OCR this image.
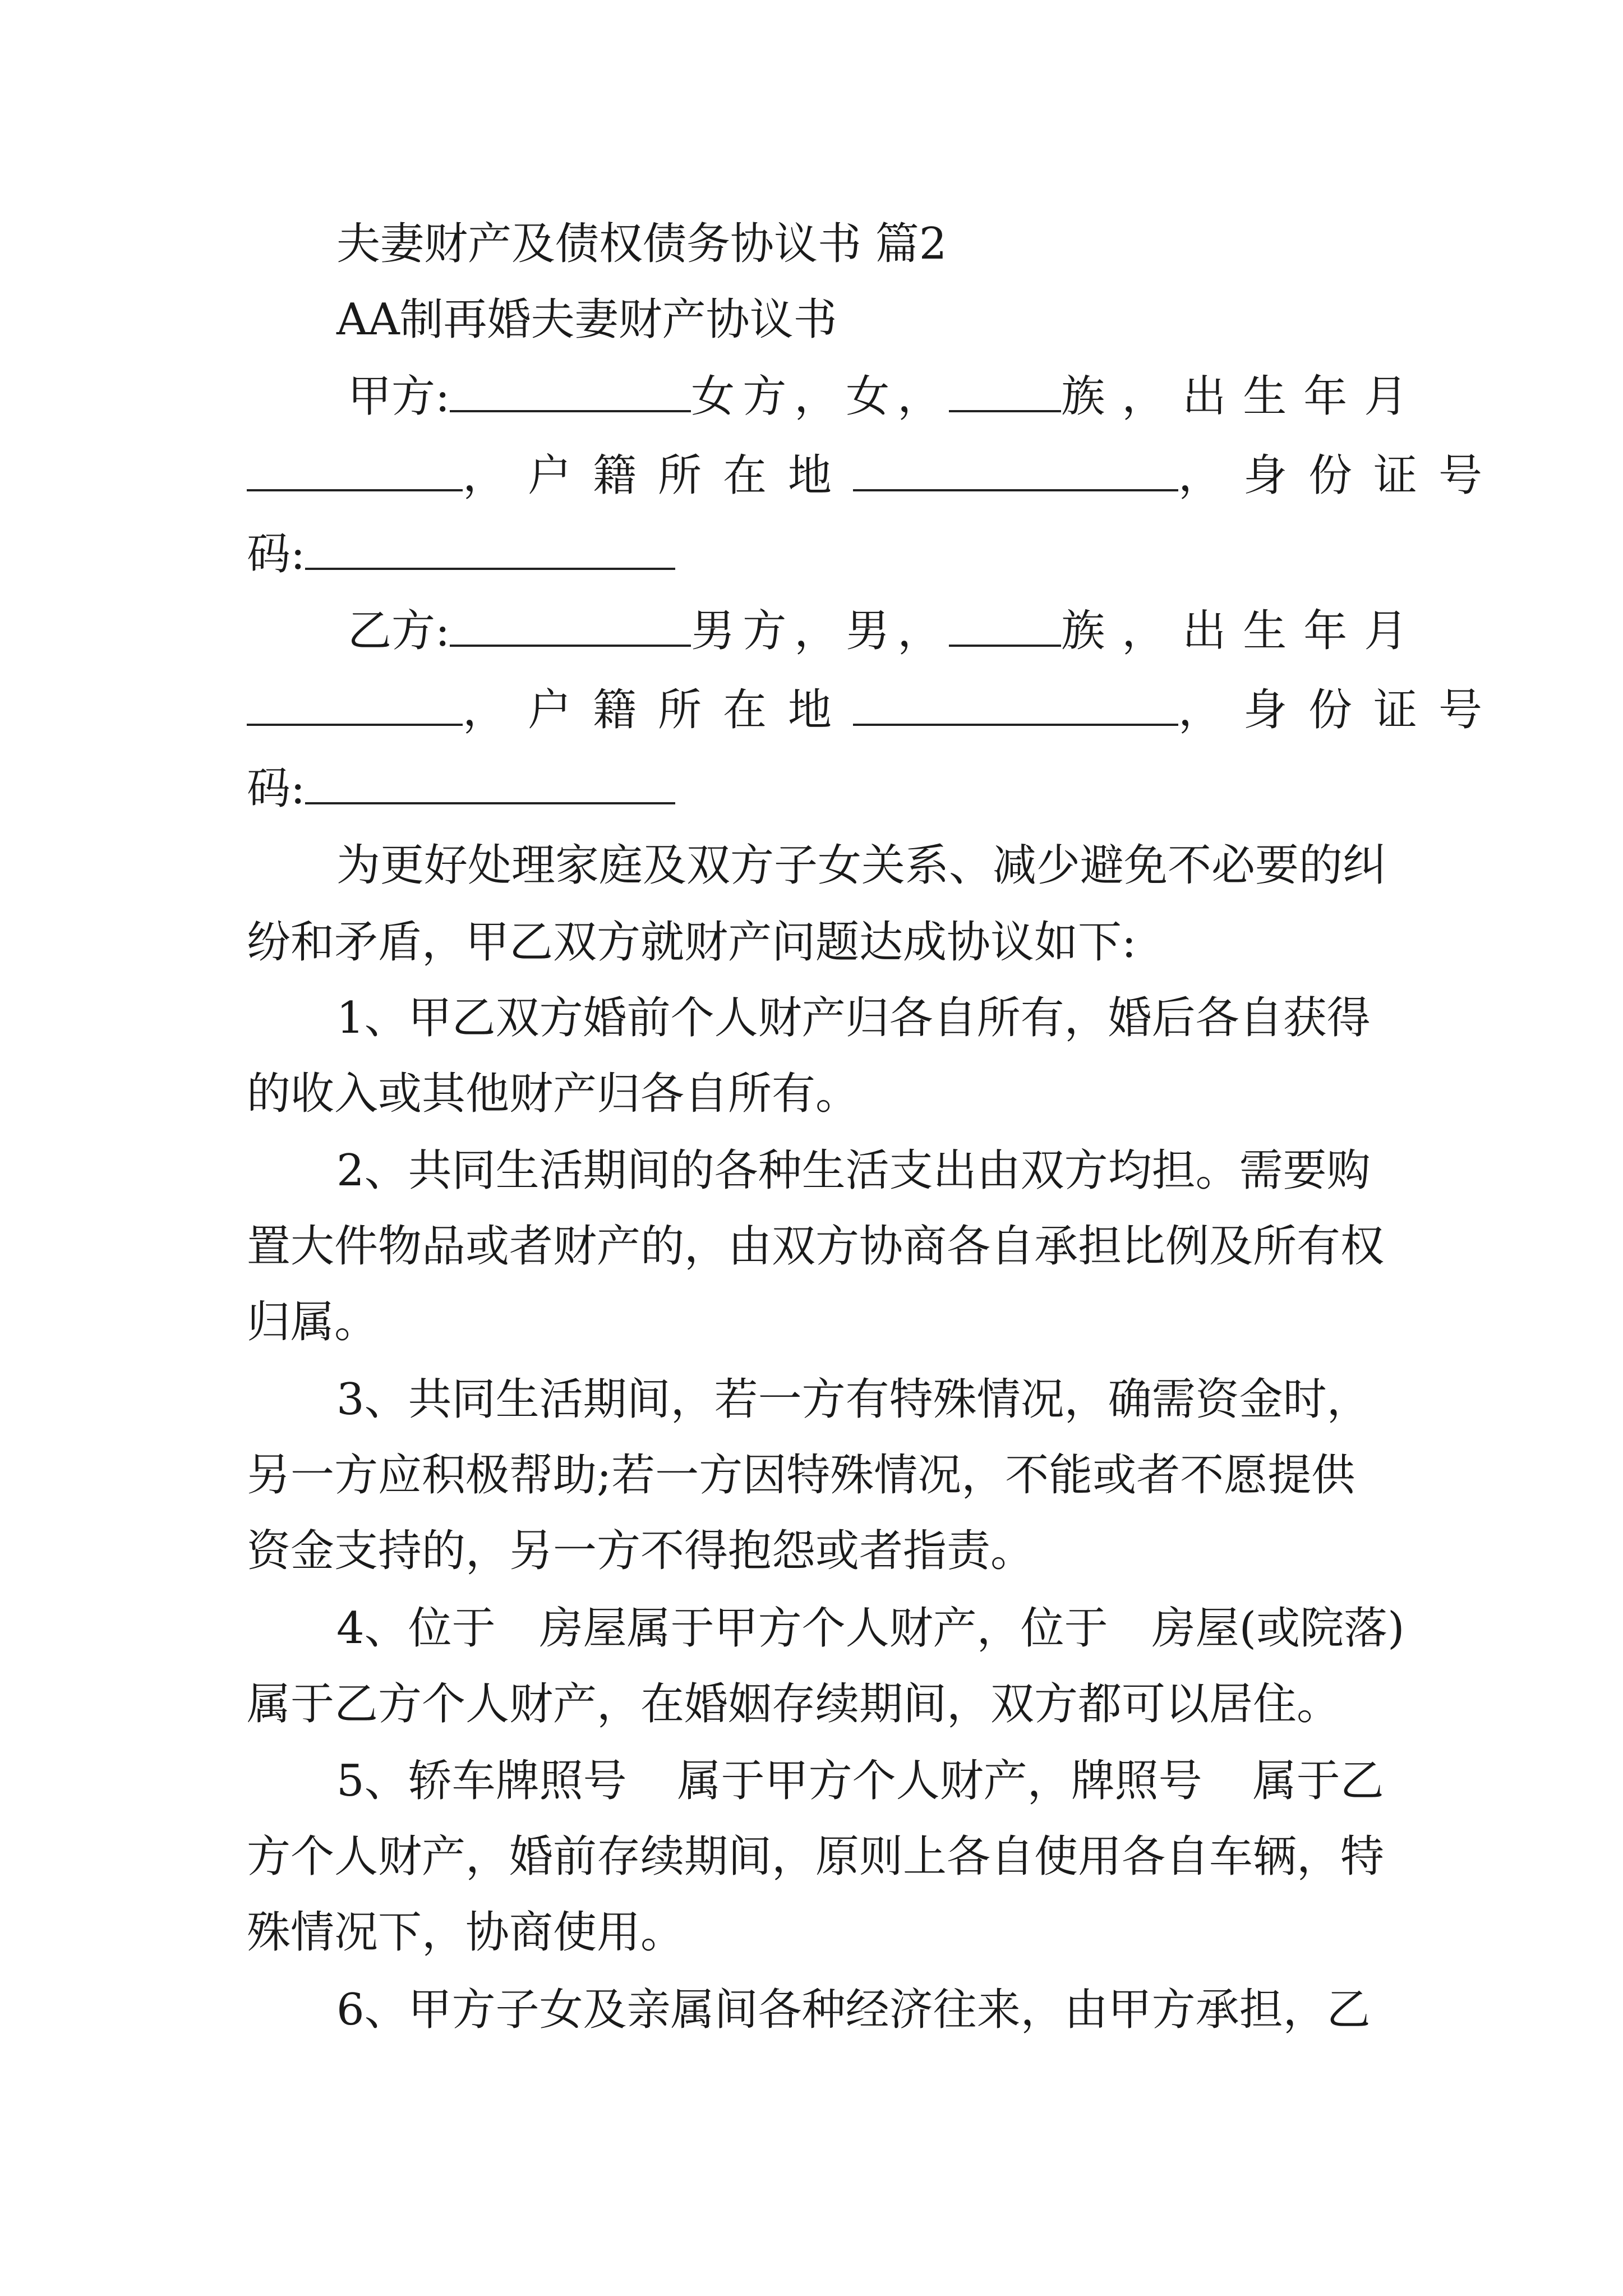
夫妻财产及债权债务协议书 篇2
AA制再婚夫妻财产协议书
甲方:	女方，女，	族，出生年月
，户籍所在地	，身份证号
码:
乙方:	男方，男，	族，出生年月
，户籍所在地	，身份证号
码:
为更好处理家庭及双方子女关系、减少避免不必要的纠
纷和矛盾，甲乙双方就财产问题达成协议如下:
1、甲乙双方婚前个人财产归各自所有，婚后各自获得
的收入或其他财产归各自所有。
2、共同生活期间的各种生活支出由双方均担。需要购
置大件物品或者财产的，由双方协商各自承担比例及所有权
归属。
3、共同生活期间，若一方有特殊情况，确需资金时，
另一方应积极帮助;若一方因特殊情况，不能或者不愿提供
资金支持的，另一方不得抱怨或者指责。
4、位于 房屋属于甲方个人财产，位于 房屋(或院落)
属于乙方个人财产，在婚姻存续期间，双方都可以居住。
5、轿车牌照号 属于甲方个人财产，牌照号 属于乙
方个人财产，婚前存续期间，原则上各自使用各自车辆，特
殊情况下，协商使用。
6、甲方子女及亲属间各种经济往来，由甲方承担，乙
